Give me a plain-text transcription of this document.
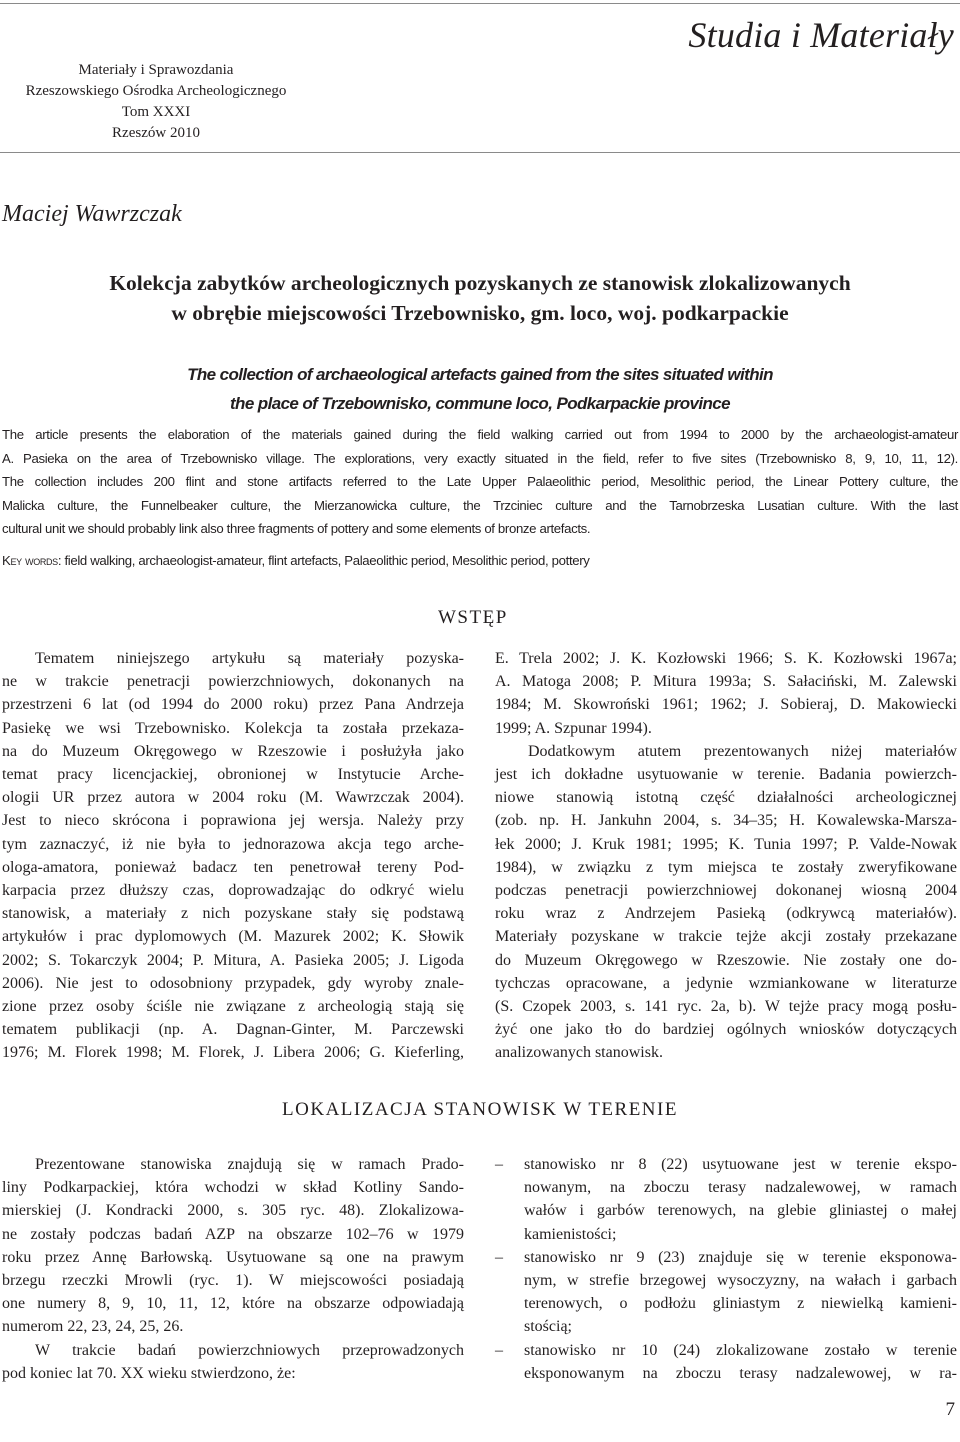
Materiały i Sprawozdania
Rzeszowskiego Ośrodka Archeologicznego
Tom XXXI
Rzeszów 2010
Studia i Materiały
Maciej Wawrzczak
Kolekcja zabytków archeologicznych pozyskanych ze stanowisk zlokalizowanych
w obrębie miejscowości Trzebownisko, gm. loco, woj. podkarpackie
The collection of archaeological artefacts gained from the sites situated within
the place of Trzebownisko, commune loco, Podkarpackie province
The article presents the elaboration of the materials gained during the field walking carried out from 1994 to 2000 by the archaeologist-amateur
A. Pasieka on the area of Trzebownisko village. The explorations, very exactly situated in the field, refer to five sites (Trzebownisko 8, 9, 10, 11, 12).
The collection includes 200 flint and stone artifacts referred to the Late Upper Palaeolithic period, Mesolithic period, the Linear Pottery culture, the
Malicka culture, the Funnelbeaker culture, the Mierzanowicka culture, the Trzciniec culture and the Tarnobrzeska Lusatian culture. With the last
cultural unit we should probably link also three fragments of pottery and some elements of bronze artefacts.
Key words: field walking, archaeologist-amateur, flint artefacts, Palaeolithic period, Mesolithic period, pottery
WSTĘP
Tematem niniejszego artykułu są materiały pozyska-
ne w trakcie penetracji powierzchniowych, dokonanych na
przestrzeni 6 lat (od 1994 do 2000 roku) przez Pana Andrzeja
Pasiekę we wsi Trzebownisko. Kolekcja ta została przekaza-
na do Muzeum Okręgowego w Rzeszowie i posłużyła jako
temat pracy licencjackiej, obronionej w Instytucie Arche-
ologii UR przez autora w 2004 roku (M. Wawrzczak 2004).
Jest to nieco skrócona i poprawiona jej wersja. Należy przy
tym zaznaczyć, iż nie była to jednorazowa akcja tego arche-
ologa-amatora, ponieważ badacz ten penetrował tereny Pod-
karpacia przez dłuższy czas, doprowadzając do odkryć wielu
stanowisk, a materiały z nich pozyskane stały się podstawą
artykułów i prac dyplomowych (M. Mazurek 2002; K. Słowik
2002; S. Tokarczyk 2004; P. Mitura, A. Pasieka 2005; J. Ligoda
2006). Nie jest to odosobniony przypadek, gdy wyroby znale-
zione przez osoby ściśle nie związane z archeologią stają się
tematem publikacji (np. A. Dagnan-Ginter, M. Parczewski
1976; M. Florek 1998; M. Florek, J. Libera 2006; G. Kieferling,
E. Trela 2002; J. K. Kozłowski 1966; S. K. Kozłowski 1967a;
A. Matoga 2008; P. Mitura 1993a; S. Sałaciński, M. Zalewski
1984; M. Skowroński 1961; 1962; J. Sobieraj, D. Makowiecki
1999; A. Szpunar 1994).
Dodatkowym atutem prezentowanych niżej materiałów
jest ich dokładne usytuowanie w terenie. Badania powierzch-
niowe stanowią istotną część działalności archeologicznej
(zob. np. H. Jankuhn 2004, s. 34–35; H. Kowalewska-Marsza-
łek 2000; J. Kruk 1981; 1995; K. Tunia 1997; P. Valde-Nowak
1984), w związku z tym miejsca te zostały zweryfikowane
podczas penetracji powierzchniowej dokonanej wiosną 2004
roku wraz z Andrzejem Pasieką (odkrywcą materiałów).
Materiały pozyskane w trakcie tejże akcji zostały przekazane
do Muzeum Okręgowego w Rzeszowie. Nie zostały one do-
tychczas opracowane, a jedynie wzmiankowane w literaturze
(S. Czopek 2003, s. 141 ryc. 2a, b). W tejże pracy mogą posłu-
żyć one jako tło do bardziej ogólnych wniosków dotyczących
analizowanych stanowisk.
LOKALIZACJA STANOWISK W TERENIE
Prezentowane stanowiska znajdują się w ramach Prado-
liny Podkarpackiej, która wchodzi w skład Kotliny Sando-
mierskiej (J. Kondracki 2000, s. 305 ryc. 48). Zlokalizowa-
ne zostały podczas badań AZP na obszarze 102–76 w 1979
roku przez Annę Barłowską. Usytuowane są one na prawym
brzegu rzeczki Mrowli (ryc. 1). W miejscowości posiadają
one numery 8, 9, 10, 11, 12, które na obszarze odpowiadają
numerom 22, 23, 24, 25, 26.
W trakcie badań powierzchniowych przeprowadzonych
pod koniec lat 70. XX wieku stwierdzono, że:
– stanowisko nr 8 (22) usytuowane jest w terenie ekspo-
nowanym, na zboczu terasy nadzalewowej, w ramach
wałów i garbów terenowych, na glebie gliniastej o małej
kamienistości;
– stanowisko nr 9 (23) znajduje się w terenie eksponowa-
nym, w strefie brzegowej wysoczyzny, na wałach i garbach
terenowych, o podłożu gliniastym z niewielką kamieni-
stością;
– stanowisko nr 10 (24) zlokalizowane zostało w terenie
eksponowanym na zboczu terasy nadzalewowej, w ra-
7
